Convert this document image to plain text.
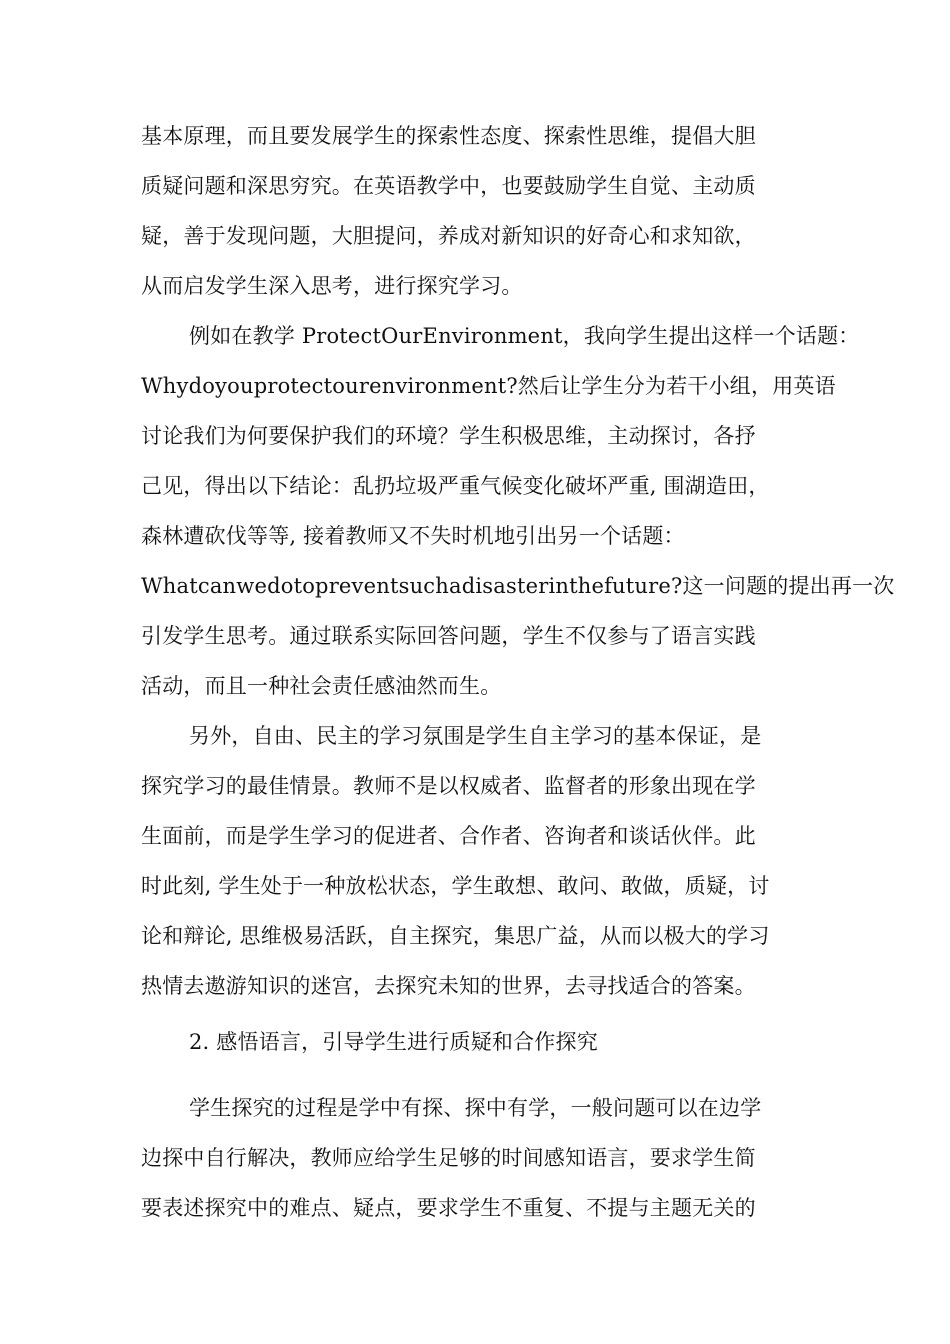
基本原理，而且要发展学生的探索性态度、探索性思维，提倡大胆
质疑问题和深思穷究。在英语教学中，也要鼓励学生自觉、主动质
疑，善于发现问题，大胆提问，养成对新知识的好奇心和求知欲，
从而启发学生深入思考，进行探究学习。
例如在教学 ProtectOurEnvironment，我向学生提出这样一个话题：
Whydoyouprotectourenvironment?然后让学生分为若干小组，用英语
讨论我们为何要保护我们的环境？学生积极思维，主动探讨，各抒
己见，得出以下结论：乱扔垃圾严重气候变化破坏严重, 围湖造田，
森林遭砍伐等等, 接着教师又不失时机地引出另一个话题：
Whatcanwedotopreventsuchadisasterinthefuture?这一问题的提出再一次
引发学生思考。通过联系实际回答问题，学生不仅参与了语言实践
活动，而且一种社会责任感油然而生。
另外，自由、民主的学习氛围是学生自主学习的基本保证，是
探究学习的最佳情景。教师不是以权威者、监督者的形象出现在学
生面前，而是学生学习的促进者、合作者、咨询者和谈话伙伴。此
时此刻, 学生处于一种放松状态，学生敢想、敢问、敢做，质疑，讨
论和辩论, 思维极易活跃，自主探究，集思广益，从而以极大的学习
热情去遨游知识的迷宫，去探究未知的世界，去寻找适合的答案。
2. 感悟语言，引导学生进行质疑和合作探究
学生探究的过程是学中有探、探中有学，一般问题可以在边学
边探中自行解决，教师应给学生足够的时间感知语言，要求学生简
要表述探究中的难点、疑点，要求学生不重复、不提与主题无关的
